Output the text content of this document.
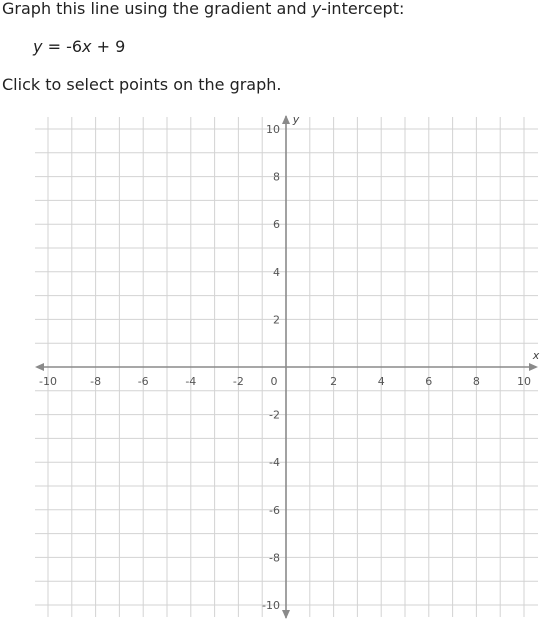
Graph this line using the gradient and y-intercept:
y = -6x + 9
Click to select points on the graph.
-10	-8	-6	-4	-2	2	4	6	8	10
0
10
8
6
4
2
-2
-4
-6
-8
-10
x
y
